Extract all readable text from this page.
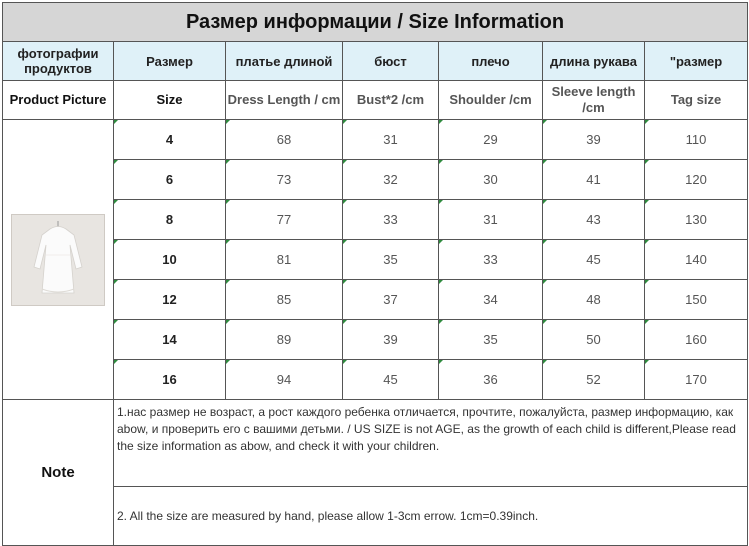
Размер информации / Size Information						
фотографии продуктов	Размер	платье длиной	бюст	плечо	длина рукава	"размер
Product Picture	Size	Dress Length / cm	Bust*2 /cm	Shoulder /cm	Sleeve length /cm	Tag size

	4	68	31	29	39	110
	6	73	32	30	41	120
	8	77	33	31	43	130
	10	81	35	33	45	140
	12	85	37	34	48	150
	14	89	39	35	50	160
	16	94	45	36	52	170
Note	1.нас размер не возраст, а рост каждого ребенка отличается, прочтите, пожалуйста, размер информацию, как abow, и проверить его с вашими детьми. / US SIZE is not AGE, as the growth of each child is different,Please read the size information as abow, and check it with your children.					
	2. All the size are measured by hand, please allow 1-3cm errow. 1cm=0.39inch.					
